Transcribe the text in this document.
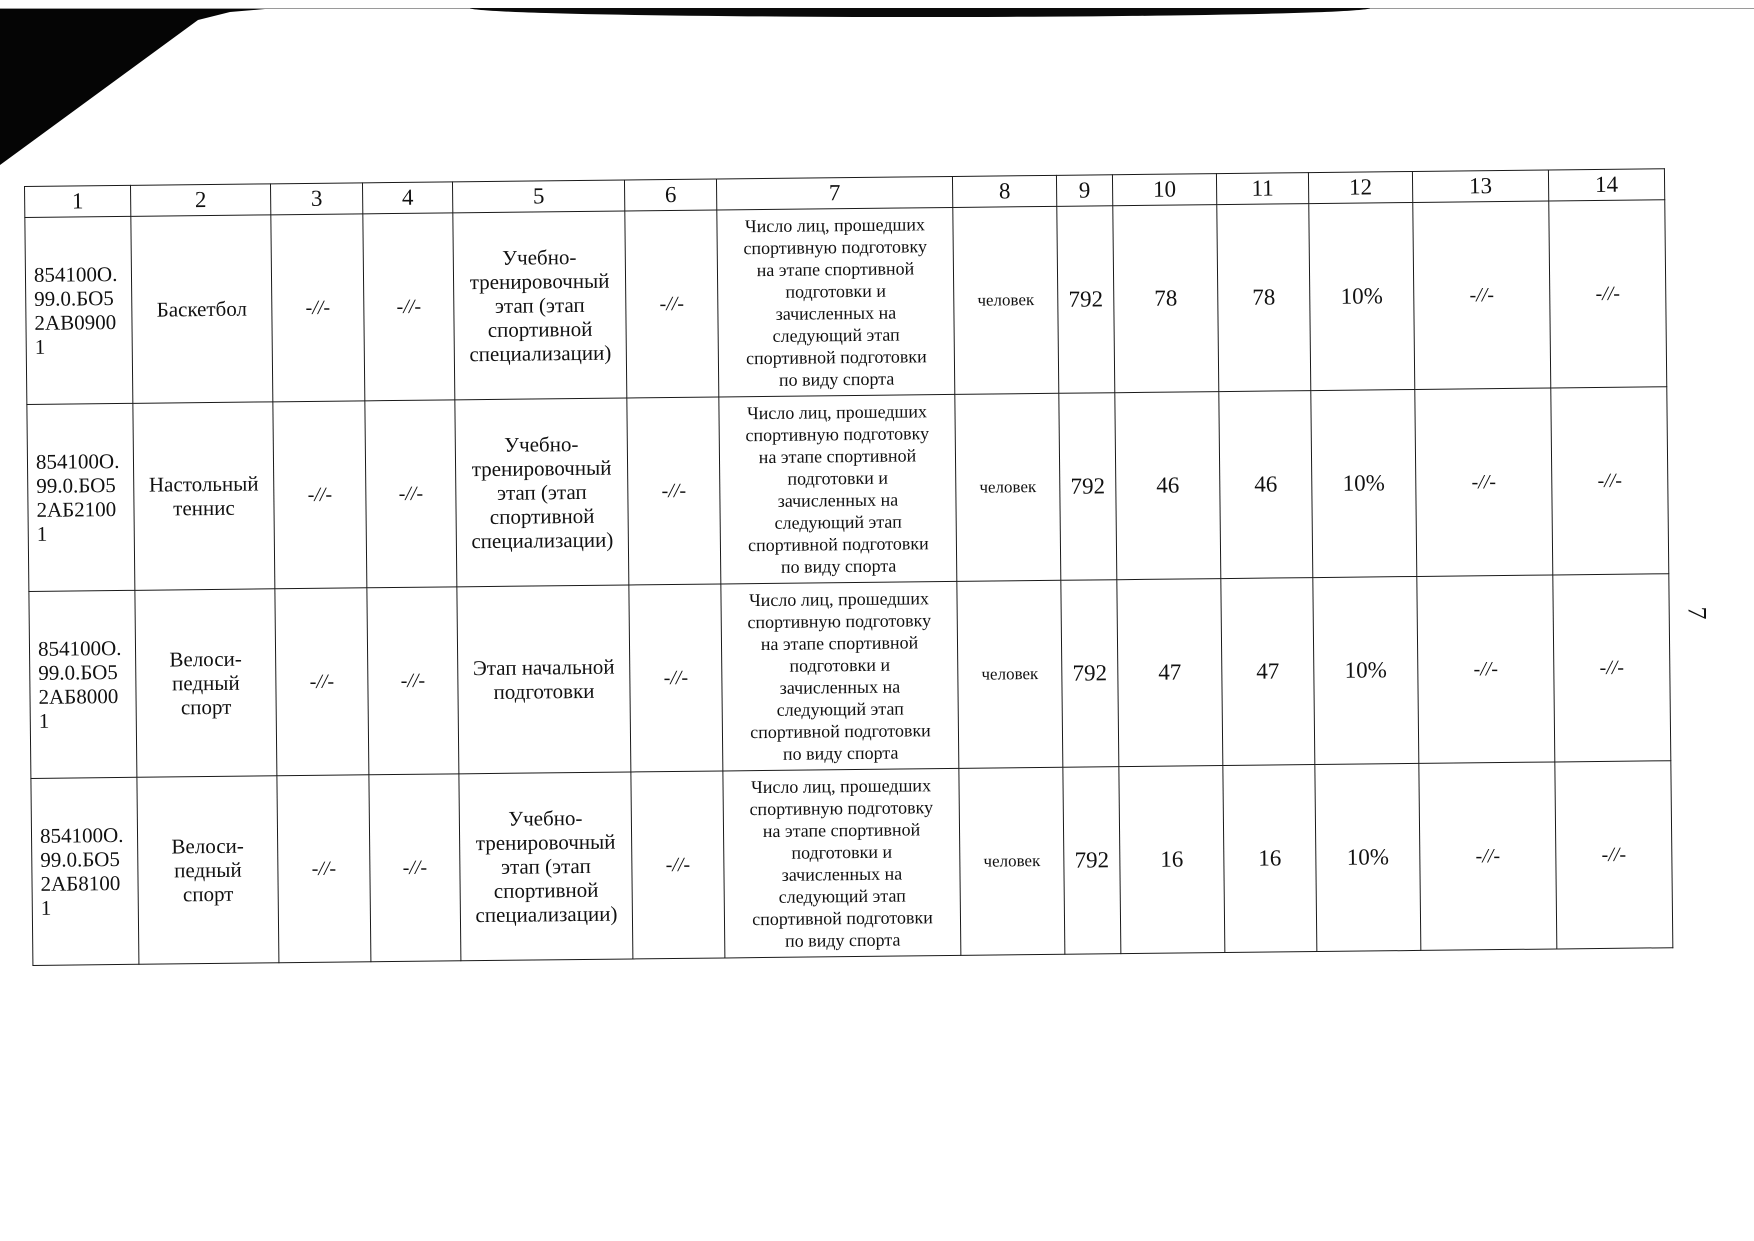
7
1	2	3	4	5	6	7	8	9	10	11	12	13	14
854100О.
99.0.БО5
2АВ0900
1	Баскетбол	-//-	-//-	Учебно-
тренировочный
этап (этап
спортивной
специализации)	-//-	Число лиц, прошедших
спортивную подготовку
на этапе спортивной
подготовки и
зачисленных на
следующий этап
спортивной подготовки
по виду спорта	человек	792	78	78	10%	-//-	-//-
854100О.
99.0.БО5
2АБ2100
1	Настольный
теннис	-//-	-//-	Учебно-
тренировочный
этап (этап
спортивной
специализации)	-//-	Число лиц, прошедших
спортивную подготовку
на этапе спортивной
подготовки и
зачисленных на
следующий этап
спортивной подготовки
по виду спорта	человек	792	46	46	10%	-//-	-//-
854100О.
99.0.БО5
2АБ8000
1	Велоси-
педный
спорт	-//-	-//-	Этап начальной
подготовки	-//-	Число лиц, прошедших
спортивную подготовку
на этапе спортивной
подготовки и
зачисленных на
следующий этап
спортивной подготовки
по виду спорта	человек	792	47	47	10%	-//-	-//-
854100О.
99.0.БО5
2АБ8100
1	Велоси-
педный
спорт	-//-	-//-	Учебно-
тренировочный
этап (этап
спортивной
специализации)	-//-	Число лиц, прошедших
спортивную подготовку
на этапе спортивной
подготовки и
зачисленных на
следующий этап
спортивной подготовки
по виду спорта	человек	792	16	16	10%	-//-	-//-
